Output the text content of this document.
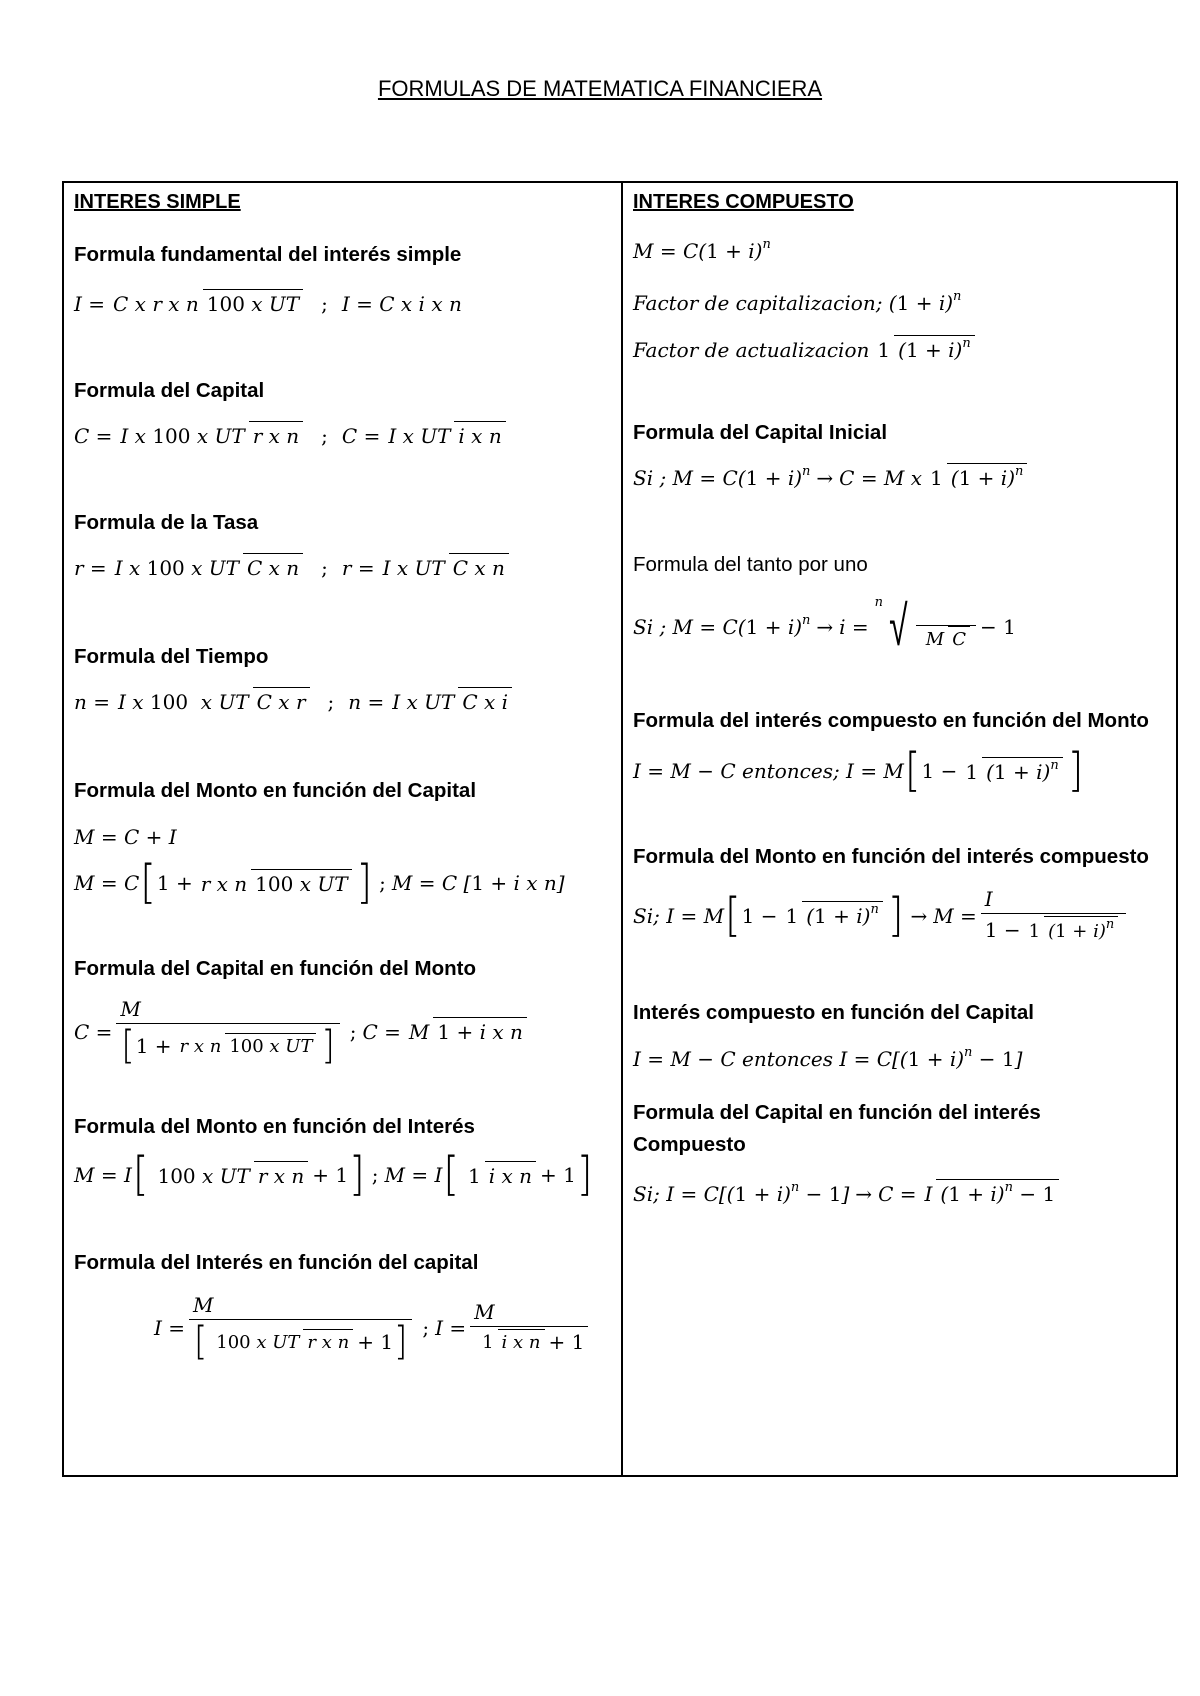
FORMULAS DE MATEMATICA FINANCIERA
INTERES SIMPLE
Formula fundamental del interés simple
I = C x r x n 100 x UT ; I = C x i x n
Formula del Capital
C = I x 100 x UT r x n ; C = I x UT i x n
Formula de la Tasa
r = I x 100 x UT C x n ; r = I x UT C x n
Formula del Tiempo
n = I x 100  x UT C x r ; n = I x UT C x i
Formula del Monto en función del Capital
M = C + I
M = C [ 1 + r x n 100 x UT ] ; M = C [1 + i x n]
Formula del Capital en función del Monto
$C = \frac{M}{\text{[ 1 + r x n 100 x UT ]}}$ ; C = M 1 + i x n
Formula del Monto en función del Interés
M = I [ 100 x UT r x n + 1 ] ; M = I [ 1 i x n + 1 ]
Formula del Interés en función del capital
$I = \frac{M}{\text{[ 100 x UT r x n + 1 ]}}$ ; $I = \frac{M}{\text{1 i x n + 1}}$
INTERES COMPUESTO
M = C(1 + i)n
Factor de capitalizacion; (1 + i)n
Factor de actualizacion 1 (1 + i)n
Formula del Capital Inicial
Si ; M = C(1 + i)n → C = M x 1 (1 + i)n
Formula del tanto por uno
Si ; M = C(1 + i)n → i =
n √ M C
− 1
Formula del interés compuesto en función del Monto
I = M − C entonces; I = M [ 1 − 1 (1 + i)n ]
Formula del Monto en función del interés compuesto
Si; I = M [ 1 − 1 (1 + i)n ] → $M = \frac{I}{1 - 1 (1 + i)n}$
Interés compuesto en función del Capital
I = M − C entonces I = C[(1 + i)n − 1]
Formula del Capital en función del interés
Compuesto
Si; I = C[(1 + i)n − 1] → C = I (1 + i)n − 1
